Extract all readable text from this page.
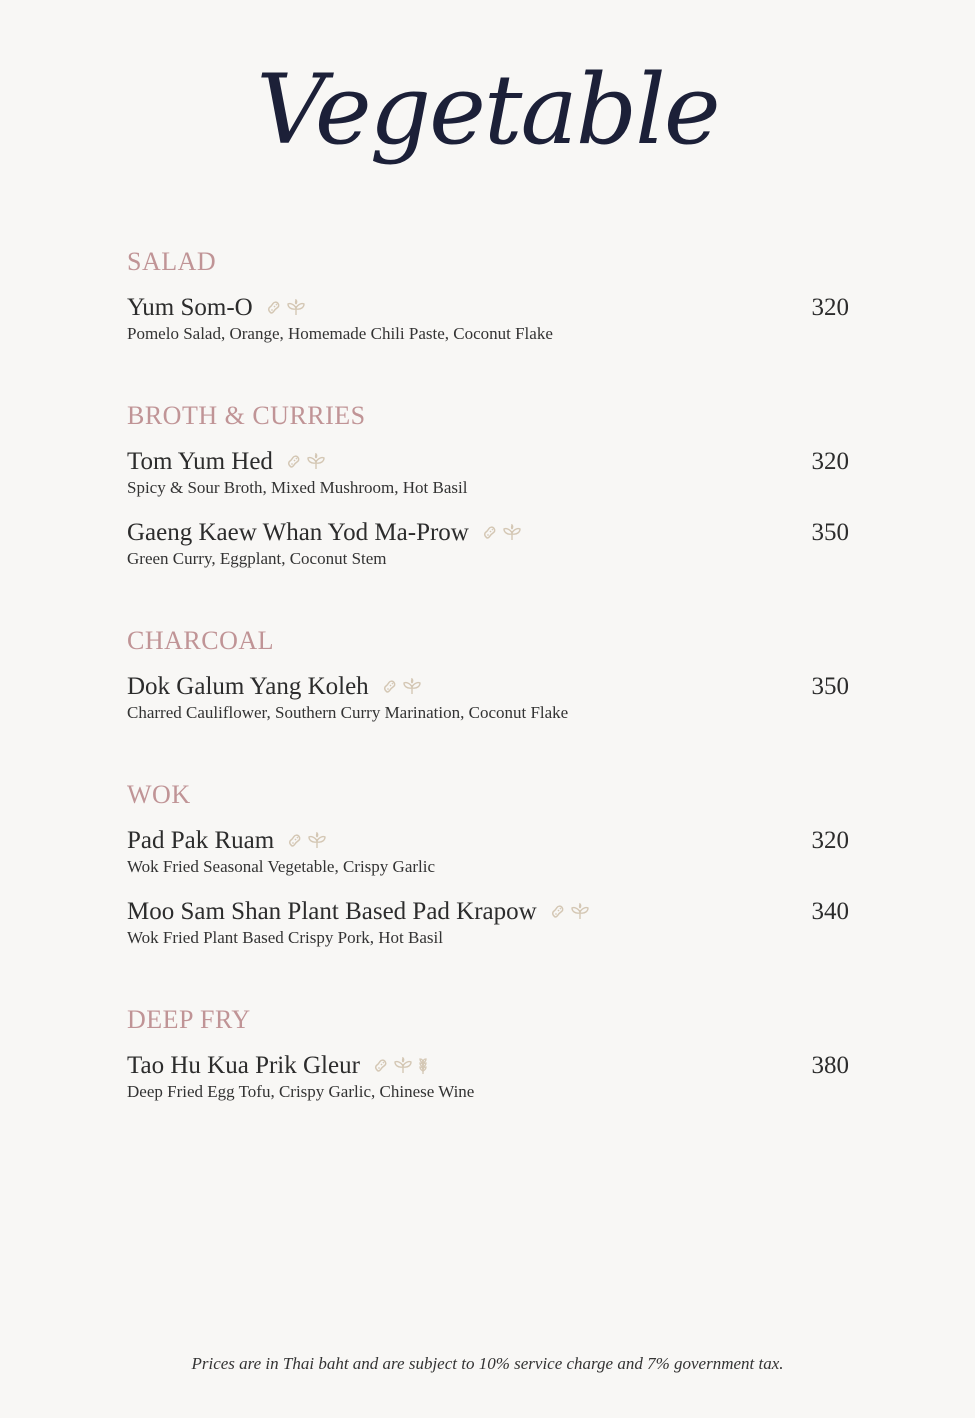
Vegetable
SALAD
Yum Som-O	320
Pomelo Salad, Orange, Homemade Chili Paste, Coconut Flake
BROTH & CURRIES
Tom Yum Hed	320
Spicy & Sour Broth, Mixed Mushroom, Hot Basil
Gaeng Kaew Whan Yod Ma-Prow	350
Green Curry, Eggplant, Coconut Stem
CHARCOAL
Dok Galum Yang Koleh	350
Charred Cauliflower, Southern Curry Marination, Coconut Flake
WOK
Pad Pak Ruam	320
Wok Fried Seasonal Vegetable, Crispy Garlic
Moo Sam Shan Plant Based Pad Krapow	340
Wok Fried Plant Based Crispy Pork, Hot Basil
DEEP FRY
Tao Hu Kua Prik Gleur	380
Deep Fried Egg Tofu, Crispy Garlic, Chinese Wine
Prices are in Thai baht and are subject to 10% service charge and 7% government tax.
